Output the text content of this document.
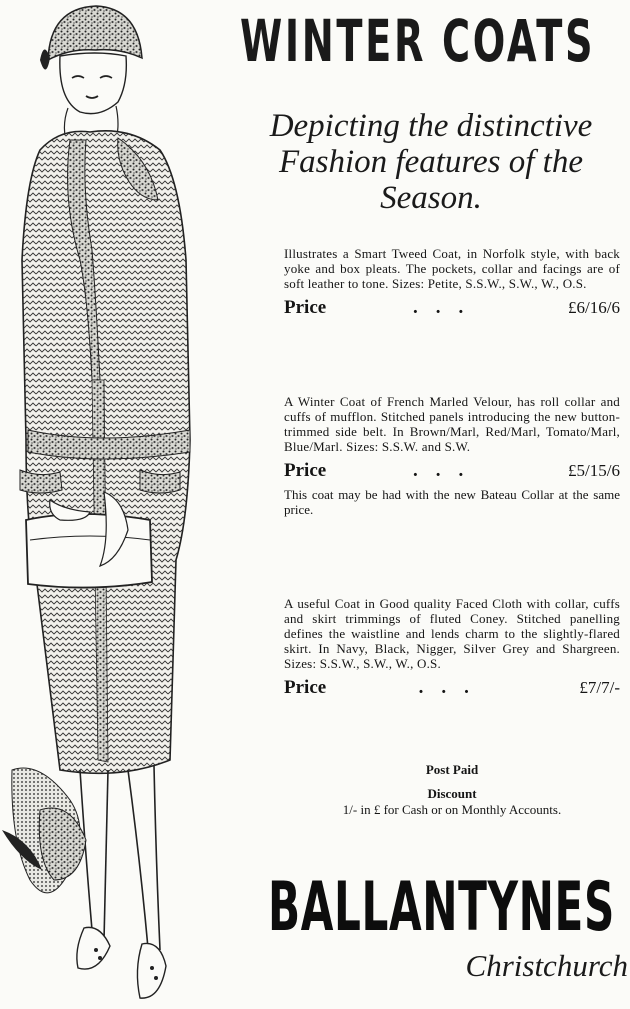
WINTER COATS
Depicting the distinctive
Fashion features of the
Season.

Illustrates a Smart Tweed Coat, in Norfolk style, with back yoke and box pleats. The pockets, collar and facings are of soft leather to tone. Sizes: Petite, S.S.W., S.W., W., O.S.

Price	...	£6/16/6

A Winter Coat of French Marled Velour, has roll collar and cuffs of mufflon. Stitched panels introducing the new button-trimmed side belt. In Brown/Marl, Red/Marl, Tomato/Marl, Blue/Marl. Sizes: S.S.W. and S.W.

Price	...	£5/15/6

This coat may be had with the new Bateau Collar at the same price.

A useful Coat in Good quality Faced Cloth with collar, cuffs and skirt trimmings of fluted Coney. Stitched panelling defines the waistline and lends charm to the slightly-flared skirt. In Navy, Black, Nigger, Silver Grey and Shargreen. Sizes: S.S.W., S.W., W., O.S.

Price	...	£7/7/-
Post Paid
Discount
1/- in £ for Cash or on Monthly Accounts.
BALLANTYNES
Christchurch
